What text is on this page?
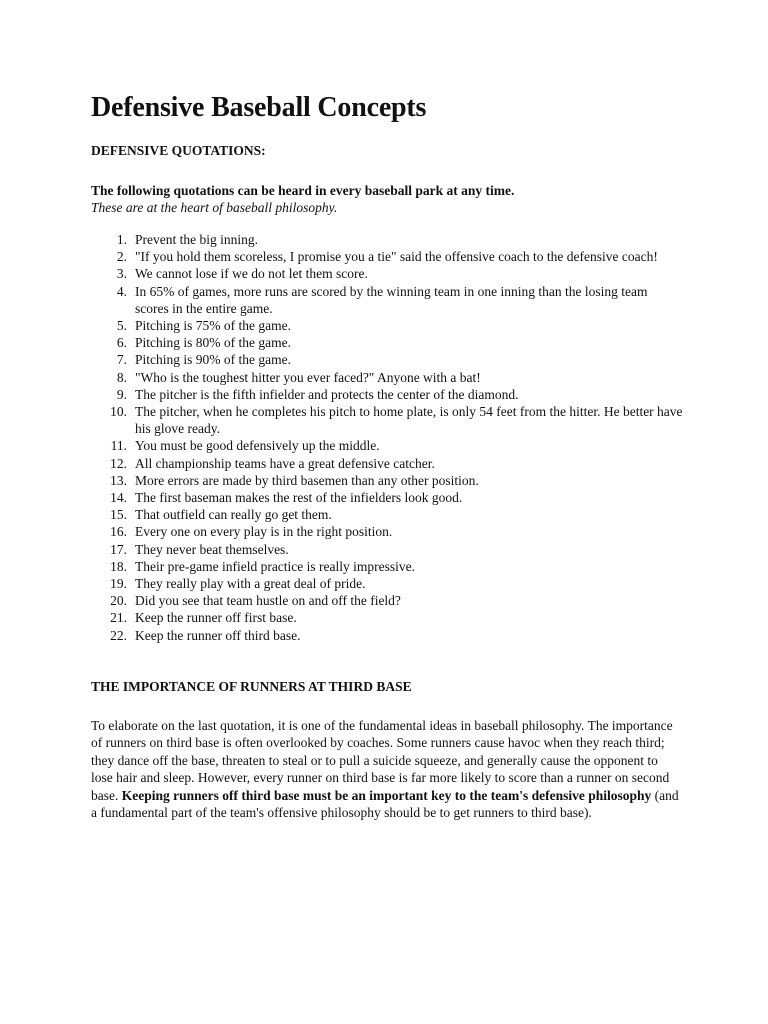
Defensive Baseball Concepts

DEFENSIVE QUOTATIONS:

The following quotations can be heard in every baseball park at any time.

These are at the heart of baseball philosophy.

1. Prevent the big inning.
2. "If you hold them scoreless, I promise you a tie" said the offensive coach to the defensive coach!
3. We cannot lose if we do not let them score.
4. In 65% of games, more runs are scored by the winning team in one inning than the losing team scores in the entire game.
5. Pitching is 75% of the game.
6. Pitching is 80% of the game.
7. Pitching is 90% of the game.
8. "Who is the toughest hitter you ever faced?" Anyone with a bat!
9. The pitcher is the fifth infielder and protects the center of the diamond.
10. The pitcher, when he completes his pitch to home plate, is only 54 feet from the hitter. He better have his glove ready.
11. You must be good defensively up the middle.
12. All championship teams have a great defensive catcher.
13. More errors are made by third basemen than any other position.
14. The first baseman makes the rest of the infielders look good.
15. That outfield can really go get them.
16. Every one on every play is in the right position.
17. They never beat themselves.
18. Their pre-game infield practice is really impressive.
19. They really play with a great deal of pride.
20. Did you see that team hustle on and off the field?
21. Keep the runner off first base.
22. Keep the runner off third base.

THE IMPORTANCE OF RUNNERS AT THIRD BASE

To elaborate on the last quotation, it is one of the fundamental ideas in baseball philosophy. The importance of runners on third base is often overlooked by coaches. Some runners cause havoc when they reach third; they dance off the base, threaten to steal or to pull a suicide squeeze, and generally cause the opponent to lose hair and sleep. However, every runner on third base is far more likely to score than a runner on second base. Keeping runners off third base must be an important key to the team's defensive philosophy (and a fundamental part of the team's offensive philosophy should be to get runners to third base).
